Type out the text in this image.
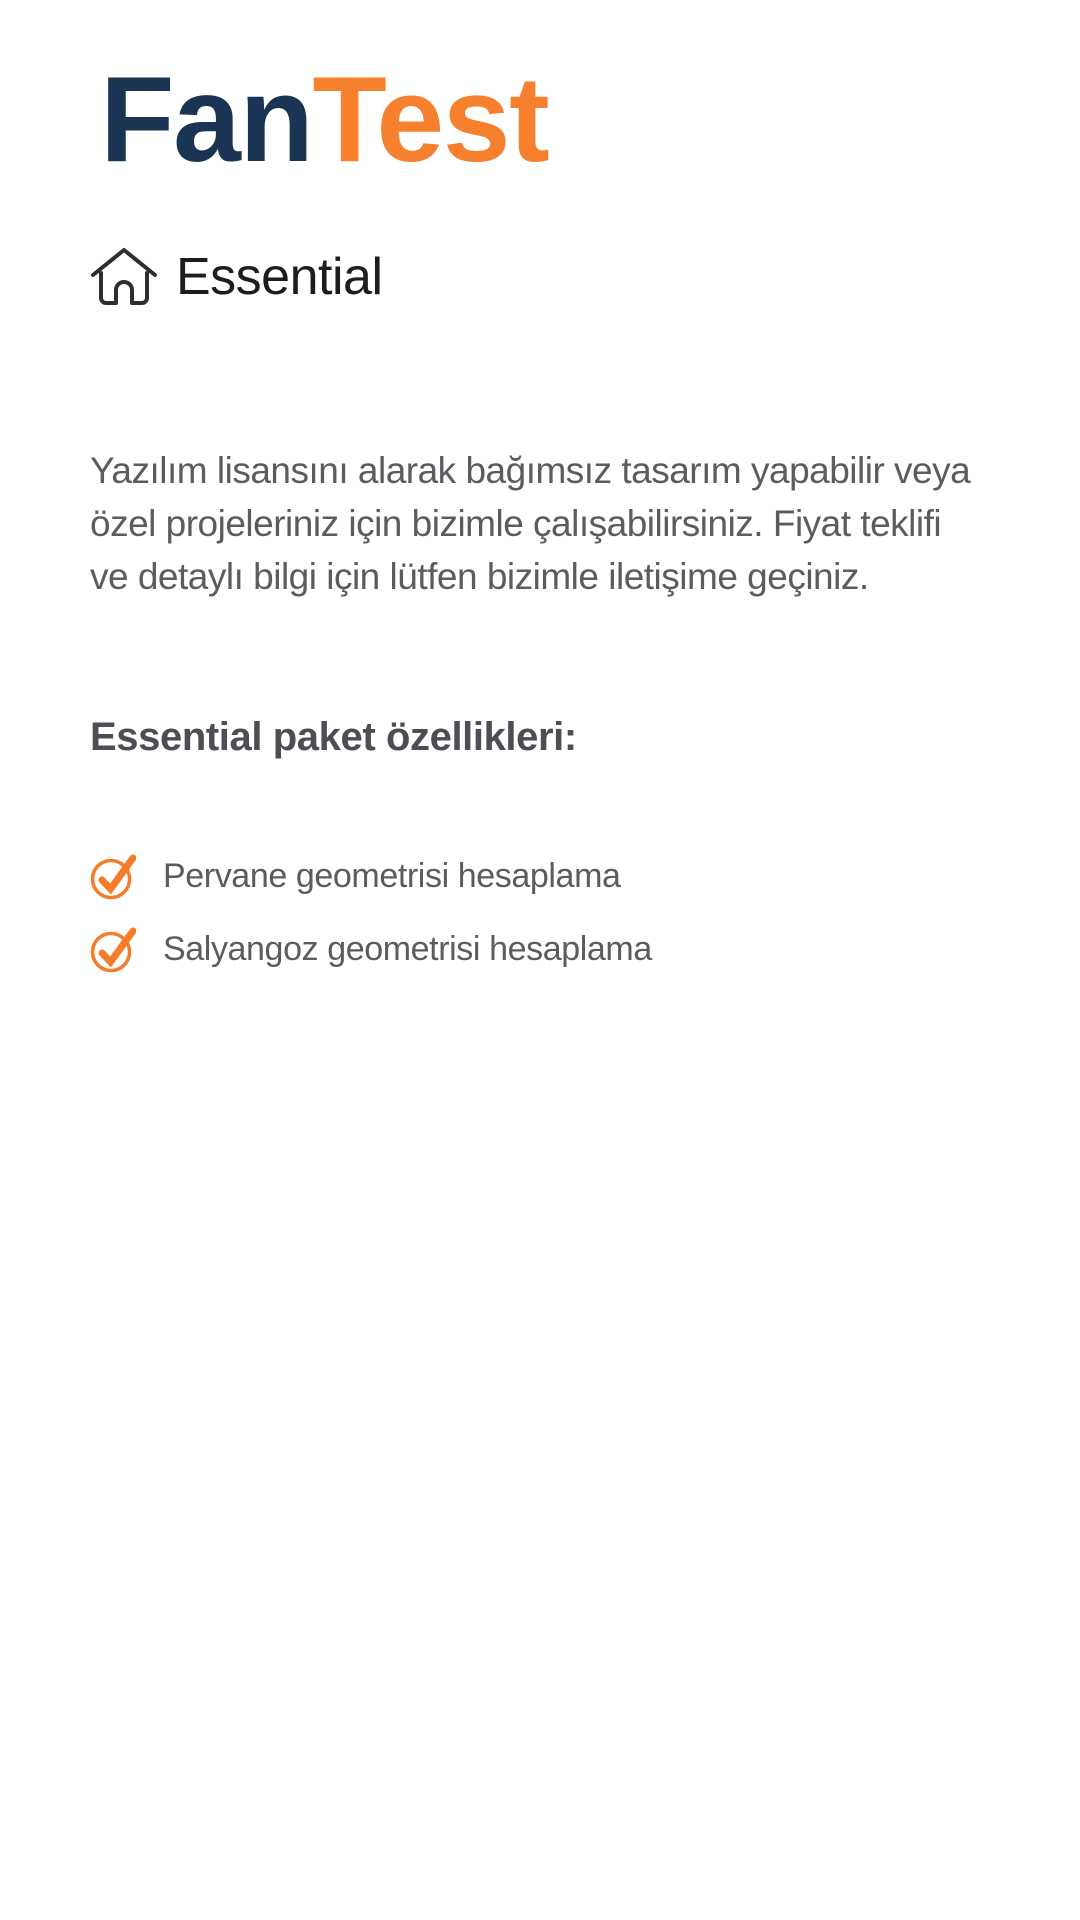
FanTest
Essential
Yazılım lisansını alarak bağımsız tasarım yapabilir veya
özel projeleriniz için bizimle çalışabilirsiniz. Fiyat teklifi
ve detaylı bilgi için lütfen bizimle iletişime geçiniz.
Essential paket özellikleri:
Pervane geometrisi hesaplama
Salyangoz geometrisi hesaplama
